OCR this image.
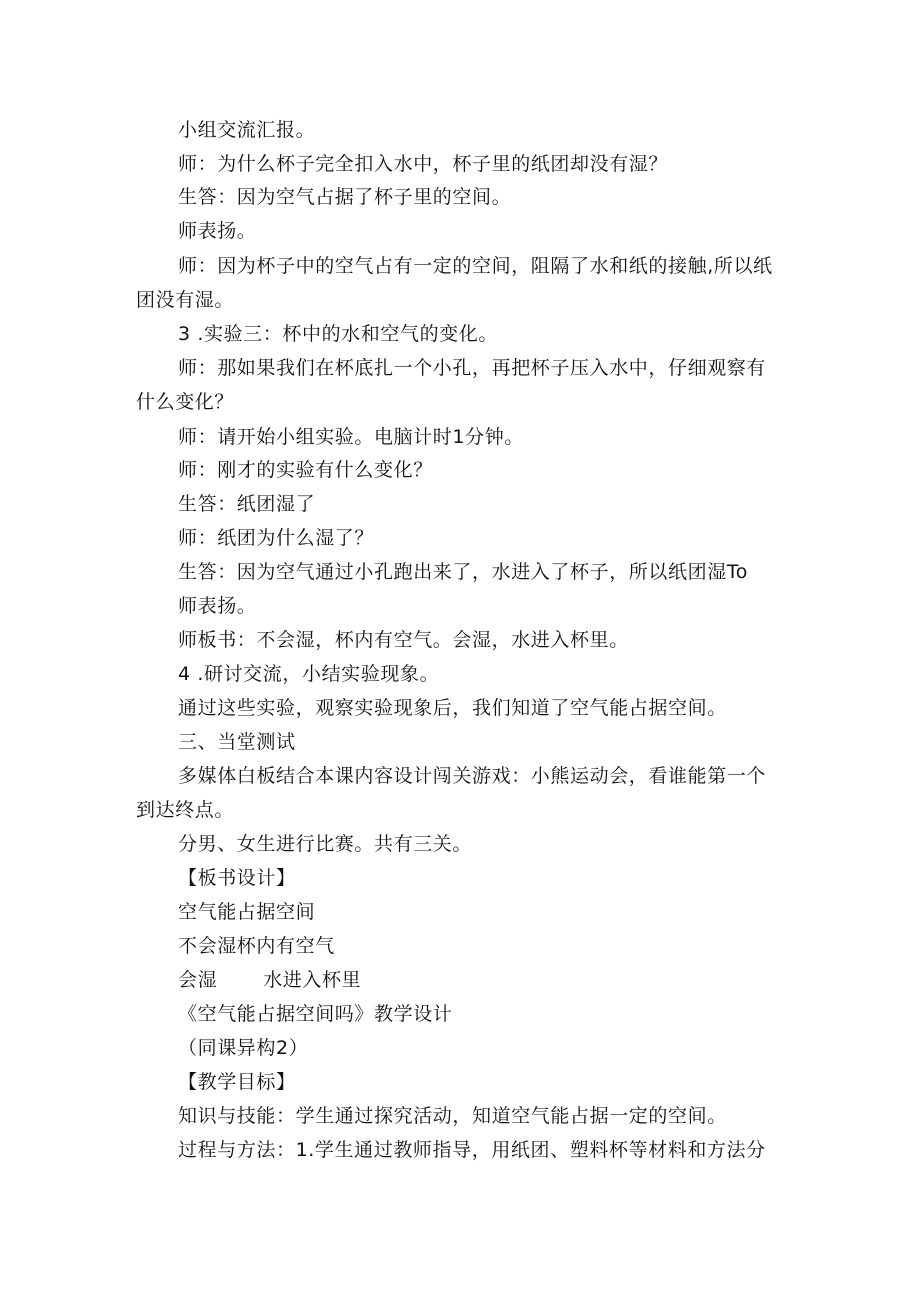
小组交流汇报。
师：为什么杯子完全扣入水中，杯子里的纸团却没有湿？
生答：因为空气占据了杯子里的空间。
师表扬。
师：因为杯子中的空气占有一定的空间，阻隔了水和纸的接触,所以纸
团没有湿。
3 .实验三：杯中的水和空气的变化。
师：那如果我们在杯底扎一个小孔，再把杯子压入水中，仔细观察有
什么变化？
师：请开始小组实验。电脑计时1分钟。
师：刚才的实验有什么变化？
生答：纸团湿了
师：纸团为什么湿了？
生答：因为空气通过小孔跑出来了，水进入了杯子，所以纸团湿To
师表扬。
师板书：不会湿，杯内有空气。会湿，水进入杯里。
4 .研讨交流，小结实验现象。
通过这些实验，观察实验现象后，我们知道了空气能占据空间。
三、当堂测试
多媒体白板结合本课内容设计闯关游戏：小熊运动会，看谁能第一个
到达终点。
分男、女生进行比赛。共有三关。
【板书设计】
空气能占据空间
不会湿杯内有空气
会湿 水进入杯里
《空气能占据空间吗》教学设计
（同课异构2）
【教学目标】
知识与技能：学生通过探究活动，知道空气能占据一定的空间。
过程与方法：1.学生通过教师指导，用纸团、塑料杯等材料和方法分
